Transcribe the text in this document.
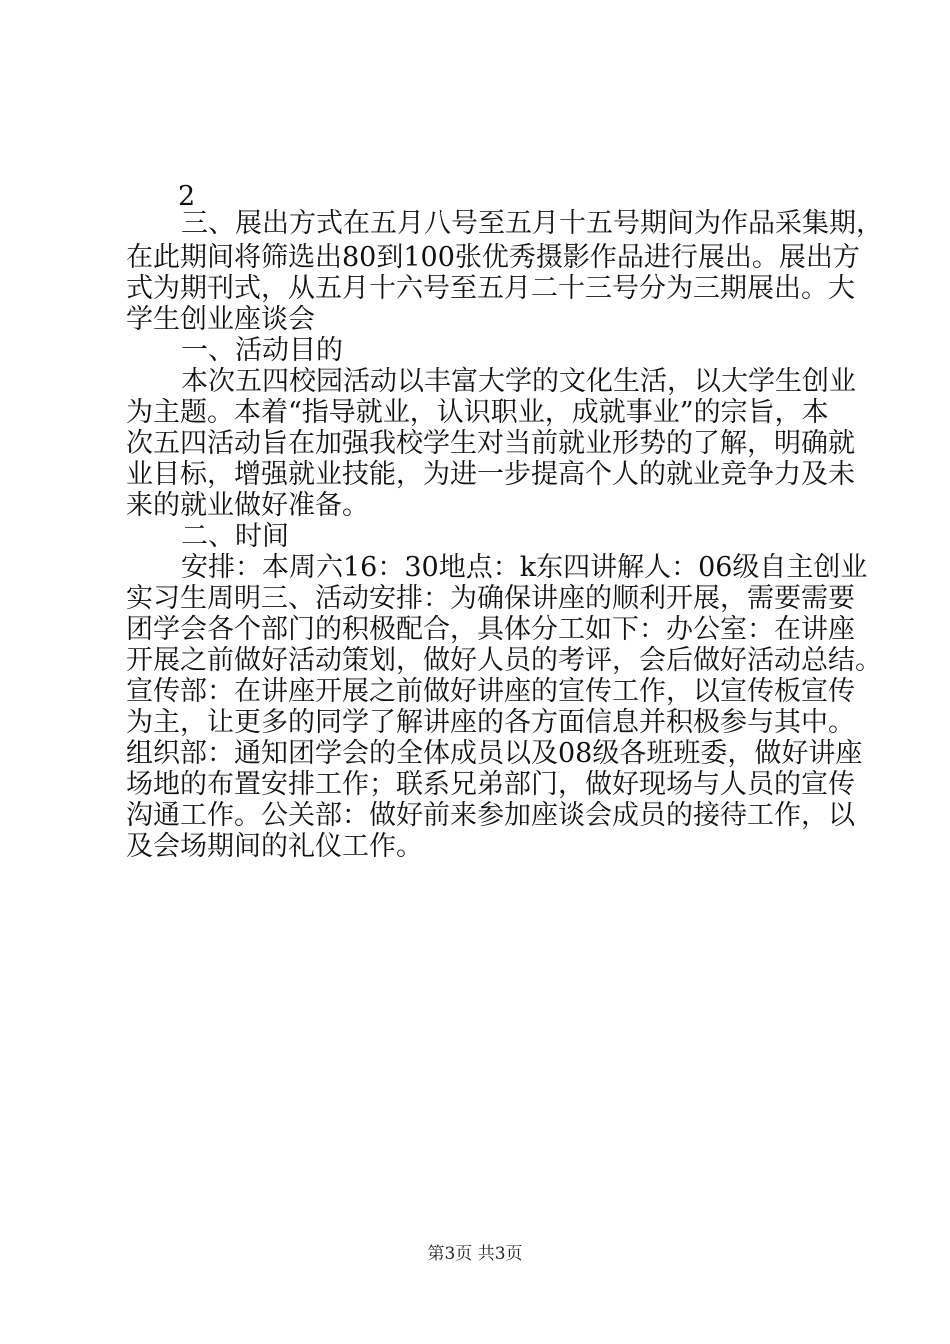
2
三、展出方式在五月八号至五月十五号期间为作品采集期，
在此期间将筛选出80到100张优秀摄影作品进行展出。展出方
式为期刊式，从五月十六号至五月二十三号分为三期展出。大
学生创业座谈会
一、活动目的
本次五四校园活动以丰富大学的文化生活，以大学生创业
为主题。本着“指导就业，认识职业，成就事业”的宗旨，本
次五四活动旨在加强我校学生对当前就业形势的了解，明确就
业目标，增强就业技能，为进一步提高个人的就业竞争力及未
来的就业做好准备。
二、时间
安排：本周六16：30地点：k东四讲解人：06级自主创业
实习生周明三、活动安排：为确保讲座的顺利开展，需要需要
团学会各个部门的积极配合，具体分工如下：办公室：在讲座
开展之前做好活动策划，做好人员的考评，会后做好活动总结。
宣传部：在讲座开展之前做好讲座的宣传工作，以宣传板宣传
为主，让更多的同学了解讲座的各方面信息并积极参与其中。
组织部：通知团学会的全体成员以及08级各班班委，做好讲座
场地的布置安排工作；联系兄弟部门，做好现场与人员的宣传
沟通工作。公关部：做好前来参加座谈会成员的接待工作，以
及会场期间的礼仪工作。
第3页 共3页
